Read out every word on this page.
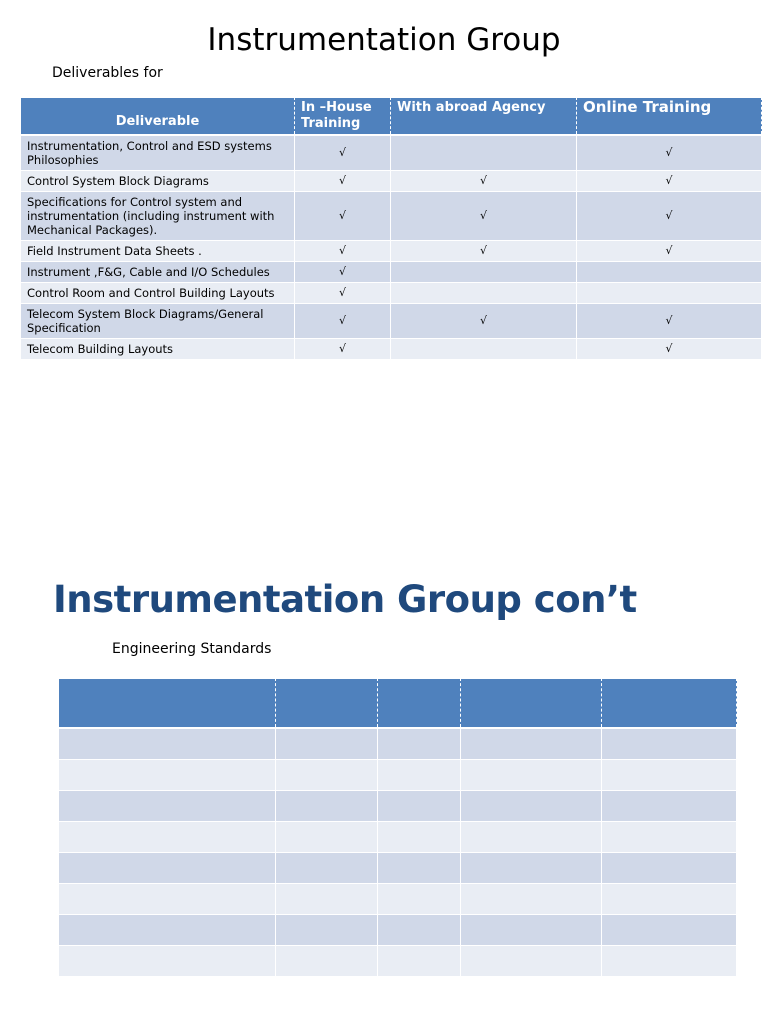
Instrumentation Group
Deliverables for
Deliverable	In –House Training	With abroad Agency	Online Training
Instrumentation, Control and ESD systems Philosophies	√		√
Control System Block Diagrams	√	√	√
Specifications for Control system and instrumentation (including instrument with Mechanical Packages).	√	√	√
Field Instrument Data Sheets .	√	√	√
Instrument ,F&G, Cable and I/O Schedules	√		
Control Room and Control Building Layouts	√		
Telecom System Block Diagrams/General Specification	√	√	√
Telecom Building Layouts	√		√
Instrumentation Group con’t
Engineering Standards
